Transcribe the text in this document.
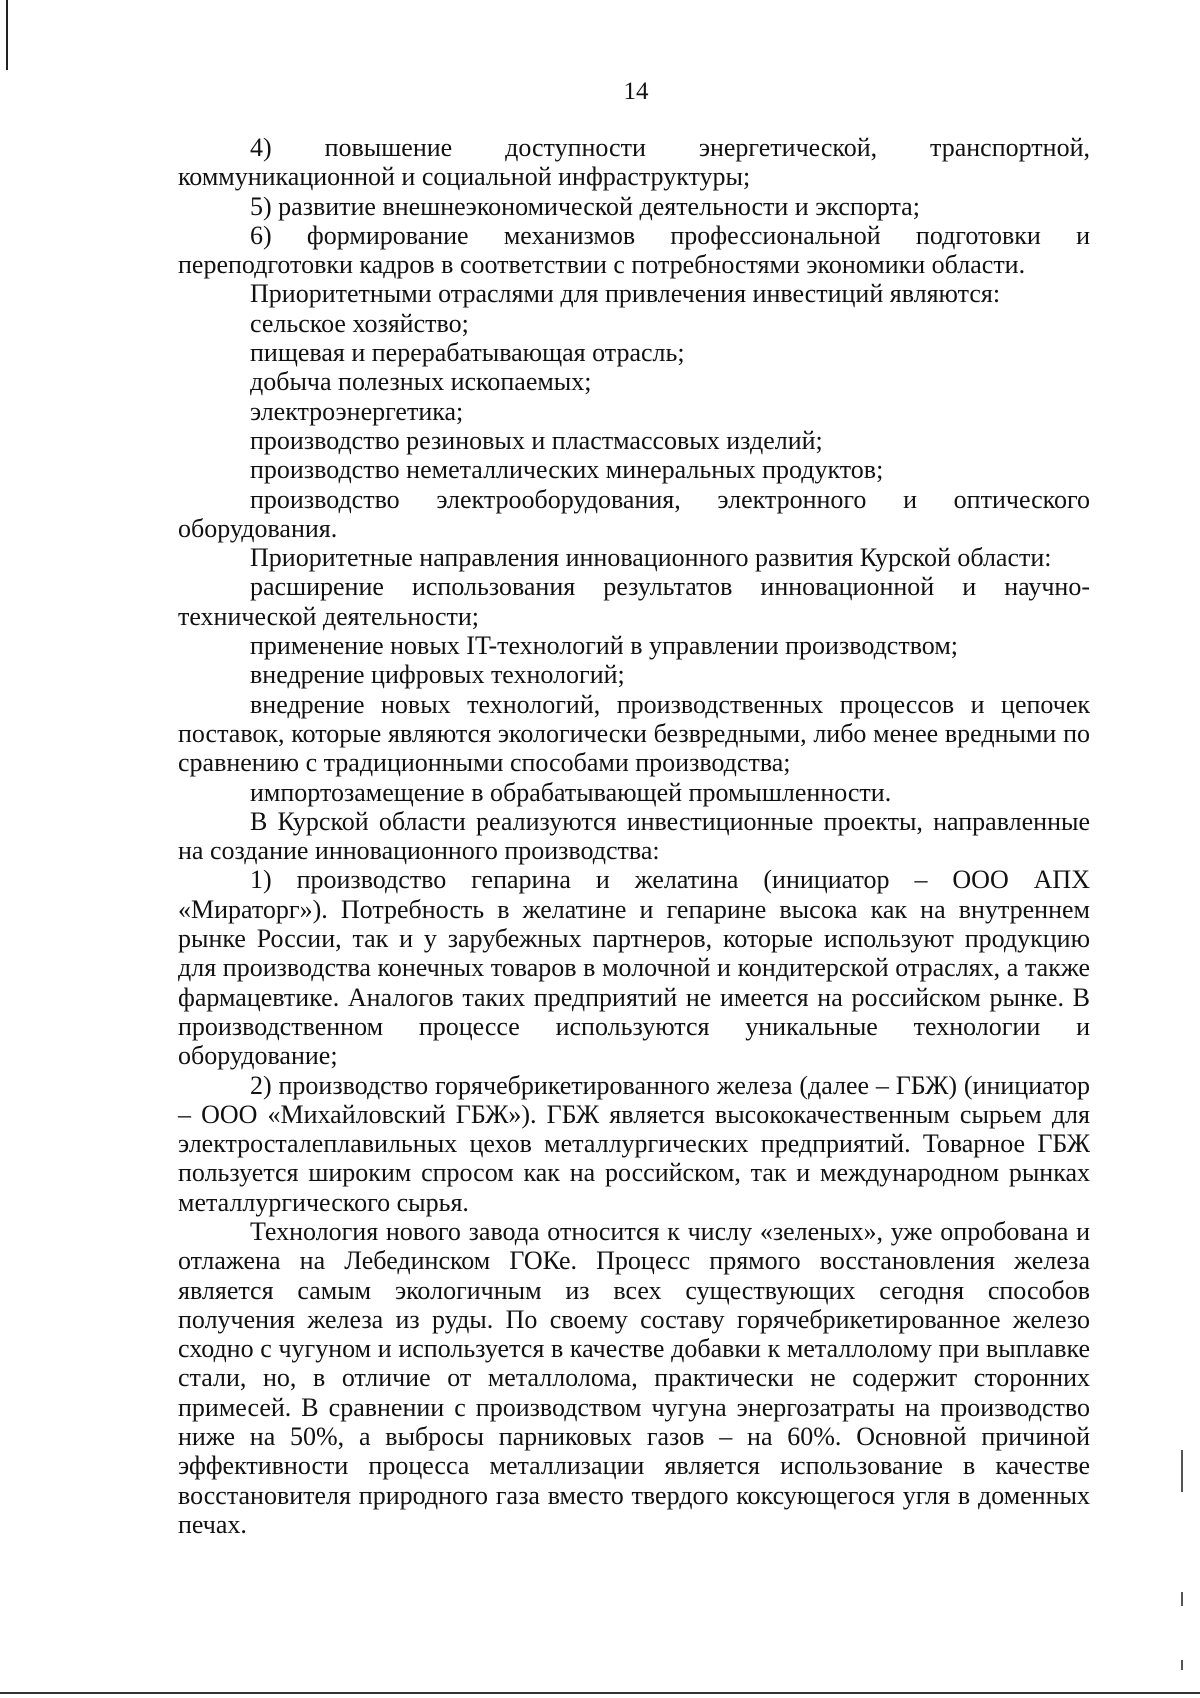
14

4) повышение доступности энергетической, транспортной, коммуникационной и социальной инфраструктуры;

5) развитие внешнеэкономической деятельности и экспорта;

6) формирование механизмов профессиональной подготовки и переподготовки кадров в соответствии с потребностями экономики области.

Приоритетными отраслями для привлечения инвестиций являются:

сельское хозяйство;

пищевая и перерабатывающая отрасль;

добыча полезных ископаемых;

электроэнергетика;

производство резиновых и пластмассовых изделий;

производство неметаллических минеральных продуктов;

производство электрооборудования, электронного и оптического оборудования.

Приоритетные направления инновационного развития Курской области:

расширение использования результатов инновационной и научно-технической деятельности;

применение новых IT-технологий в управлении производством;

внедрение цифровых технологий;

внедрение новых технологий, производственных процессов и цепочек поставок, которые являются экологически безвредными, либо менее вредными по сравнению с традиционными способами производства;

импортозамещение в обрабатывающей промышленности.

В Курской области реализуются инвестиционные проекты, направленные на создание инновационного производства:

1) производство гепарина и желатина (инициатор – ООО АПХ «Мираторг»). Потребность в желатине и гепарине высока как на внутреннем рынке России, так и у зарубежных партнеров, которые используют продукцию для производства конечных товаров в молочной и кондитерской отраслях, а также фармацевтике. Аналогов таких предприятий не имеется на российском рынке. В производственном процессе используются уникальные технологии и оборудование;

2) производство горячебрикетированного железа (далее – ГБЖ) (инициатор – ООО «Михайловский ГБЖ»). ГБЖ является высококачественным сырьем для электросталеплавильных цехов металлургических предприятий. Товарное ГБЖ пользуется широким спросом как на российском, так и международном рынках металлургического сырья.

Технология нового завода относится к числу «зеленых», уже опробована и отлажена на Лебединском ГОКе. Процесс прямого восстановления железа является самым экологичным из всех существующих сегодня способов получения железа из руды. По своему составу горячебрикетированное железо сходно с чугуном и используется в качестве добавки к металлолому при выплавке стали, но, в отличие от металлолома, практически не содержит сторонних примесей. В сравнении с производством чугуна энергозатраты на производство ниже на 50%, а выбросы парниковых газов – на 60%. Основной причиной эффективности процесса металлизации является использование в качестве восстановителя природного газа вместо твердого коксующегося угля в доменных печах.
